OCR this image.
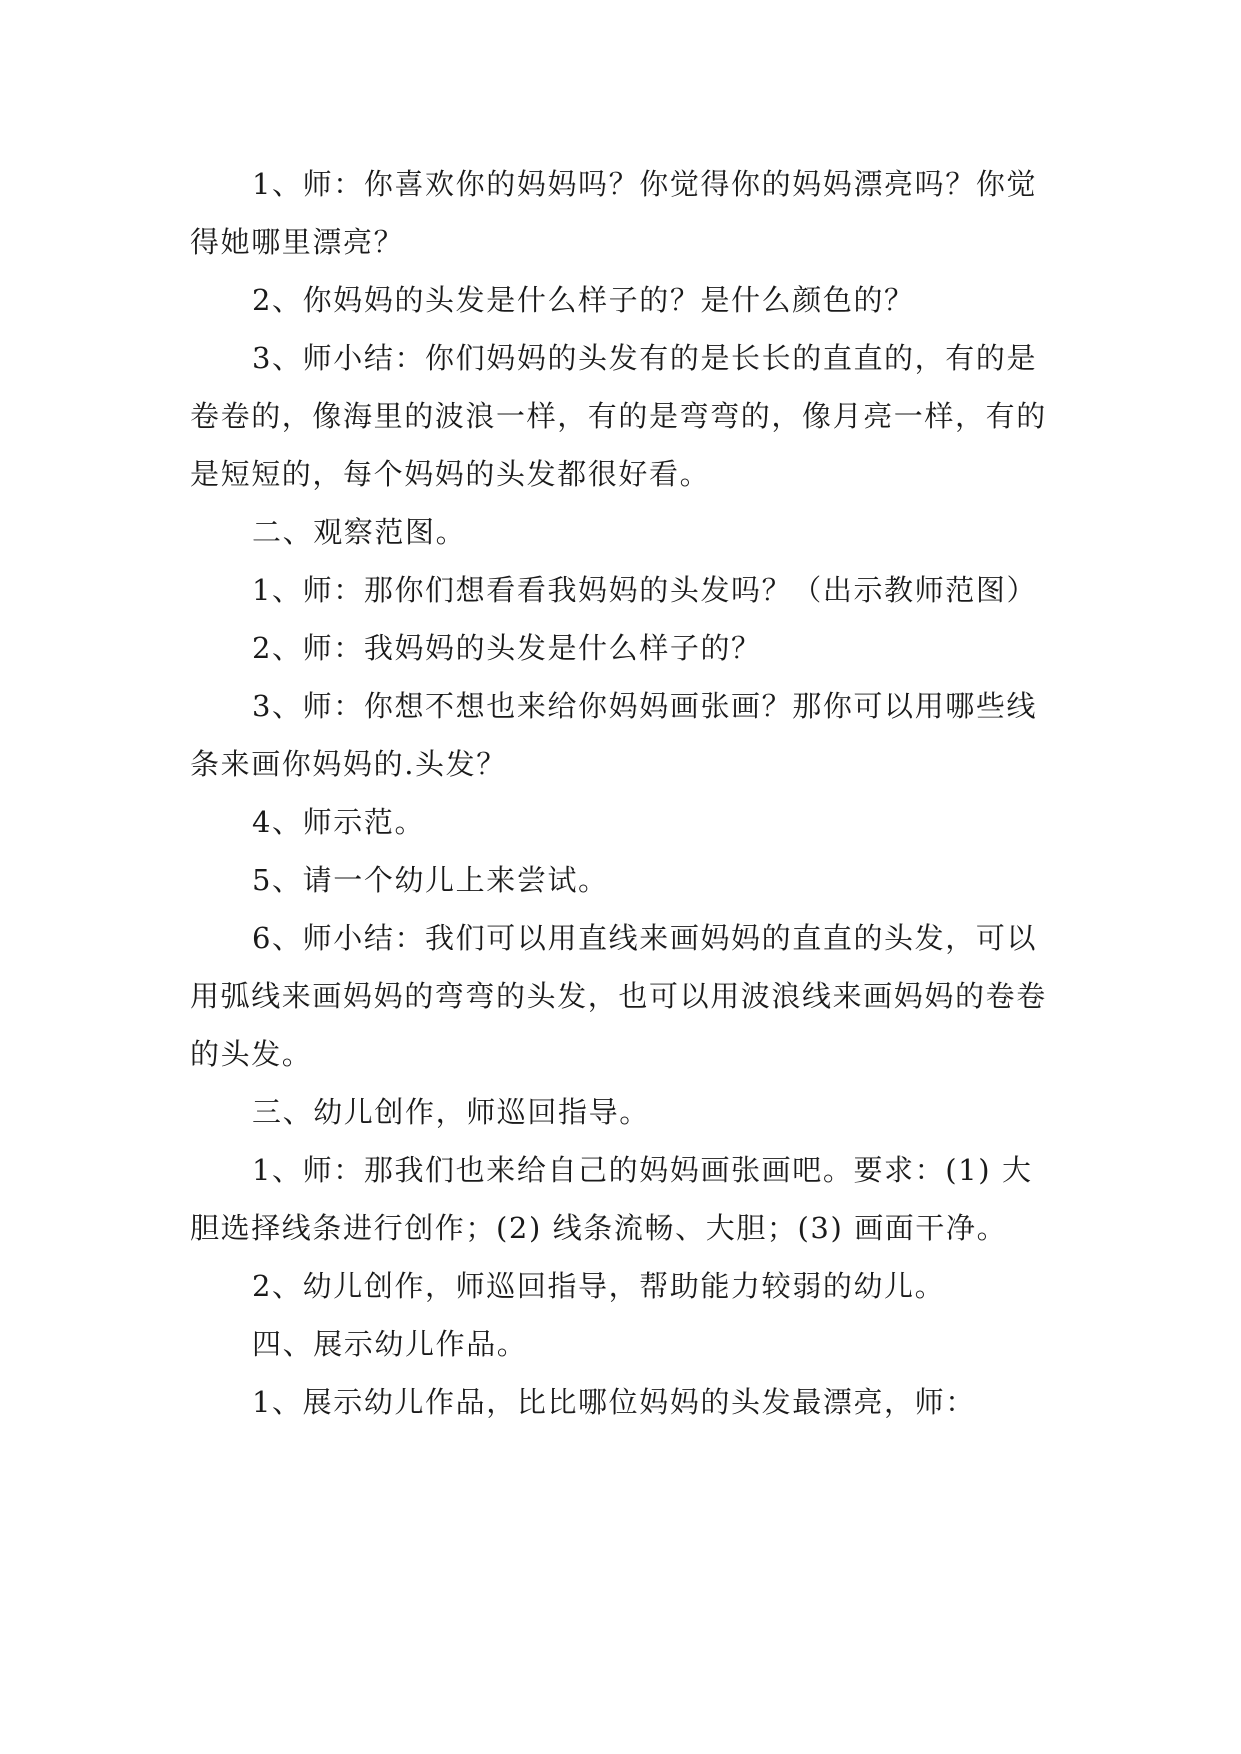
1、师：你喜欢你的妈妈吗？你觉得你的妈妈漂亮吗？你觉得她哪里漂亮？

2、你妈妈的头发是什么样子的？是什么颜色的？

3、师小结：你们妈妈的头发有的是长长的直直的，有的是卷卷的，像海里的波浪一样，有的是弯弯的，像月亮一样，有的是短短的，每个妈妈的头发都很好看。

二、观察范图。

1、师：那你们想看看我妈妈的头发吗？（出示教师范图）

2、师：我妈妈的头发是什么样子的？

3、师：你想不想也来给你妈妈画张画？那你可以用哪些线条来画你妈妈的.头发？

4、师示范。

5、请一个幼儿上来尝试。

6、师小结：我们可以用直线来画妈妈的直直的头发，可以用弧线来画妈妈的弯弯的头发，也可以用波浪线来画妈妈的卷卷的头发。

三、幼儿创作，师巡回指导。

1、师：那我们也来给自己的妈妈画张画吧。要求：(1) 大胆选择线条进行创作；(2) 线条流畅、大胆；(3) 画面干净。

2、幼儿创作，师巡回指导，帮助能力较弱的幼儿。

四、展示幼儿作品。

1、展示幼儿作品，比比哪位妈妈的头发最漂亮，师：
